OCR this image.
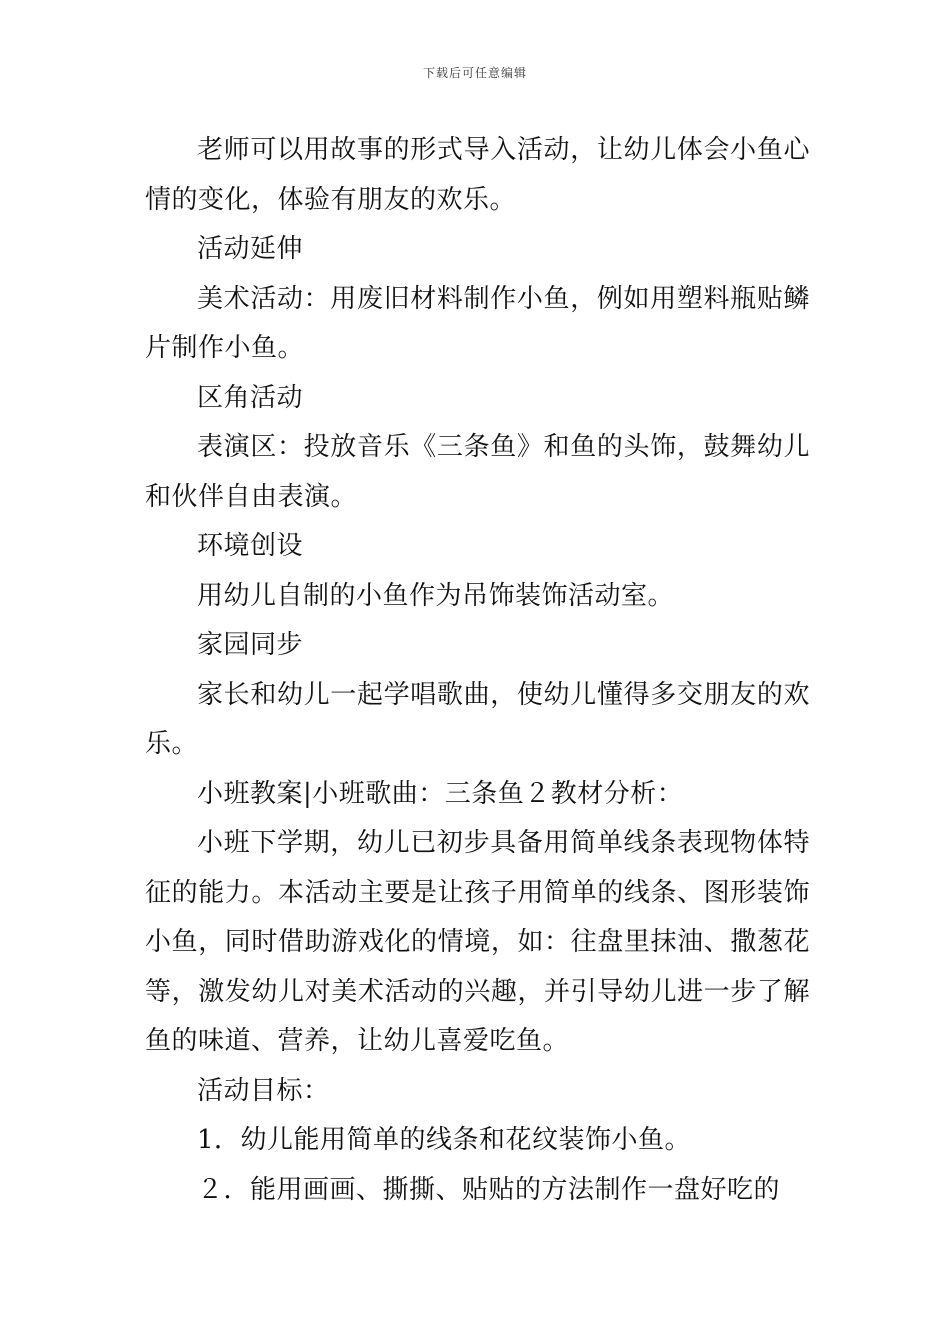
下载后可任意编辑

老师可以用故事的形式导入活动，让幼儿体会小鱼心情的变化，体验有朋友的欢乐。

活动延伸

美术活动：用废旧材料制作小鱼，例如用塑料瓶贴鳞片制作小鱼。

区角活动

表演区：投放音乐《三条鱼》和鱼的头饰，鼓舞幼儿和伙伴自由表演。

环境创设

用幼儿自制的小鱼作为吊饰装饰活动室。

家园同步

家长和幼儿一起学唱歌曲，使幼儿懂得多交朋友的欢乐。

小班教案|小班歌曲：三条鱼２教材分析：

小班下学期，幼儿已初步具备用简单线条表现物体特征的能力。本活动主要是让孩子用简单的线条、图形装饰小鱼，同时借助游戏化的情境，如：往盘里抹油、撒葱花等，激发幼儿对美术活动的兴趣，并引导幼儿进一步了解鱼的味道、营养，让幼儿喜爱吃鱼。

活动目标：

1．幼儿能用简单的线条和花纹装饰小鱼。

２．能用画画、撕撕、贴贴的方法制作一盘好吃的
